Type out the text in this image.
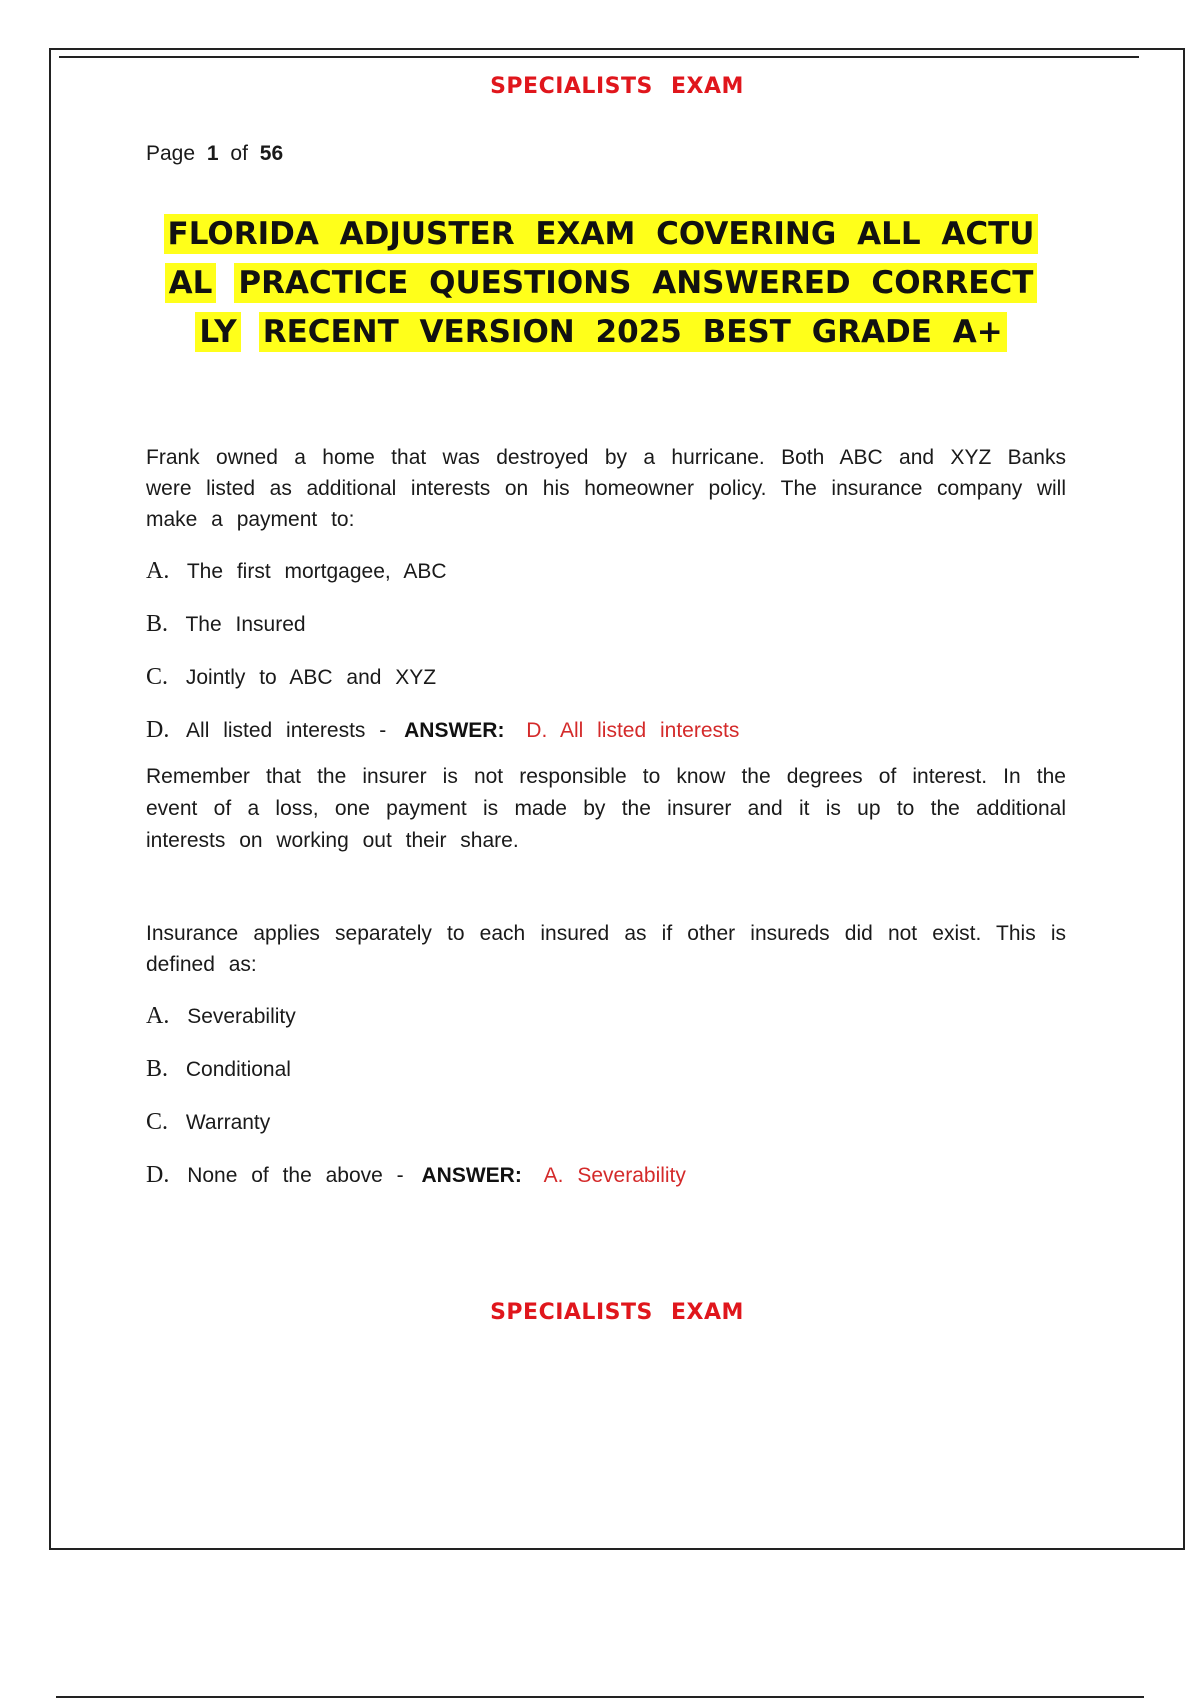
SPECIALISTS EXAM
Page 1 of 56
FLORIDA ADJUSTER EXAM COVERING ALL ACTU
AL PRACTICE QUESTIONS ANSWERED CORRECT
LY RECENT VERSION 2025 BEST GRADE A+

Frank owned a home that was destroyed by a hurricane. Both ABC and XYZ Banks were listed as additional interests on his homeowner policy. The insurance company will make a payment to:

A. The first mortgagee, ABC

B. The Insured

C. Jointly to ABC and XYZ

D. All listed interests - ANSWER: D. All listed interests

Remember that the insurer is not responsible to know the degrees of interest. In the event of a loss, one payment is made by the insurer and it is up to the additional interests on working out their share.

Insurance applies separately to each insured as if other insureds did not exist. This is defined as:

A. Severability

B. Conditional

C. Warranty

D. None of the above - ANSWER: A. Severability

SPECIALISTS EXAM
